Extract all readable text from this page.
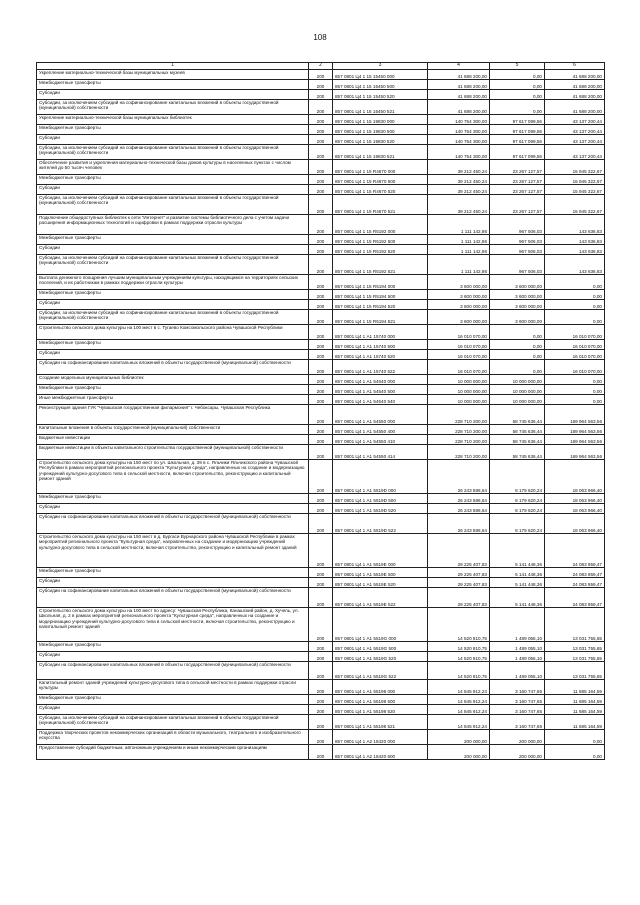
108
1	2	3	4	5	6
Укрепление материально-технической базы муниципальных музеев	200	857 0801 Ц4 1 15 15450 000	41 688 200,00	0,00	41 688 200,00
Межбюджетные трансферты	200	857 0801 Ц4 1 15 15450 500	41 688 200,00	0,00	41 688 200,00
Субсидии	200	857 0801 Ц4 1 15 15450 520	41 688 200,00	0,00	41 688 200,00
Субсидии, за исключением субсидий на софинансирование капитальных вложений в объекты государственной (муниципальной) собственности	200	857 0801 Ц4 1 15 15450 521	41 688 200,00	0,00	41 688 200,00
Укрепление материально-технической базы муниципальных библиотек	200	857 0801 Ц4 1 15 19830 000	140 754 300,00	97 617 099,56	43 137 200,44
Межбюджетные трансферты	200	857 0801 Ц4 1 15 19830 500	140 754 300,00	97 617 099,56	43 137 200,44
Субсидии	200	857 0801 Ц4 1 15 19830 520	140 754 300,00	97 617 099,56	43 137 200,44
Субсидии, за исключением субсидий на софинансирование капитальных вложений в объекты государственной (муниципальной) собственности	200	857 0801 Ц4 1 15 19830 521	140 754 300,00	97 617 099,56	43 137 200,44
Обеспечение развития и укрепления материально-технической базы домов культуры в населенных пунктах с числом жителей до 50 тысяч человек	200	857 0801 Ц4 1 15 R4670 000	39 212 450,24	23 267 127,57	15 945 322,67
Межбюджетные трансферты	200	857 0801 Ц4 1 15 R4670 500	39 212 450,24	23 267 127,57	15 945 322,67
Субсидии	200	857 0801 Ц4 1 15 R4670 520	39 212 450,24	23 267 127,57	15 945 322,67
Субсидии, за исключением субсидий на софинансирование капитальных вложений в объекты государственной (муниципальной) собственности	200	857 0801 Ц4 1 15 R4670 521	39 212 450,24	23 267 127,57	15 945 322,67
Подключение общедоступных библиотек к сети "Интернет" и развитие системы библиотечного дела с учетом задачи расширения информационных технологий и оцифровки в рамках поддержки отрасли культуры	200	857 0801 Ц4 1 15 R5192 000	1 111 142,86	967 506,03	143 636,83
Межбюджетные трансферты	200	857 0801 Ц4 1 15 R5192 500	1 111 142,86	967 506,03	143 636,83
Субсидии	200	857 0801 Ц4 1 15 R5192 520	1 111 142,86	967 506,03	143 636,83
Субсидии, за исключением субсидий на софинансирование капитальных вложений в объекты государственной (муниципальной) собственности	200	857 0801 Ц4 1 15 R5192 521	1 111 142,86	967 506,03	143 636,83
Выплата денежного поощрения лучшим муниципальным учреждениям культуры, находящимся на территориях сельских поселений, и их работникам в рамках поддержки отрасли культуры	200	857 0801 Ц4 1 15 R5194 000	3 600 000,00	3 600 000,00	0,00
Межбюджетные трансферты	200	857 0801 Ц4 1 15 R5194 500	3 600 000,00	3 600 000,00	0,00
Субсидии	200	857 0801 Ц4 1 15 R5194 520	3 600 000,00	3 600 000,00	0,00
Субсидии, за исключением субсидий на софинансирование капитальных вложений в объекты государственной (муниципальной) собственности	200	857 0801 Ц4 1 15 R5194 521	3 600 000,00	3 600 000,00	0,00
Строительство сельского дома культуры на 100 мест в с. Тугаево Комсомольского района Чувашской Республики	200	857 0801 Ц4 1 А1 15740 000	16 010 070,00	0,00	16 010 070,00
Межбюджетные трансферты	200	857 0801 Ц4 1 А1 15740 500	16 010 070,00	0,00	16 010 070,00
Субсидии	200	857 0801 Ц4 1 А1 15740 520	16 010 070,00	0,00	16 010 070,00
Субсидии на софинансирование капитальных вложений в объекты государственной (муниципальной) собственности	200	857 0801 Ц4 1 А1 15740 522	16 010 070,00	0,00	16 010 070,00
Создание модельных муниципальных библиотек	200	857 0801 Ц4 1 А1 54540 000	10 000 000,00	10 000 000,00	0,00
Межбюджетные трансферты	200	857 0801 Ц4 1 А1 54540 500	10 000 000,00	10 000 000,00	0,00
Иные межбюджетные трансферты	200	857 0801 Ц4 1 А1 54540 540	10 000 000,00	10 000 000,00	0,00
Реконструкция здания ГУК "Чувашская государственная филармония" г. Чебоксары, Чувашская Республика	200	857 0801 Ц4 1 А1 54550 000	228 710 200,00	58 745 636,44	169 964 563,56
Капитальные вложения в объекты государственной (муниципальной) собственности	200	857 0801 Ц4 1 А1 54550 400	228 710 200,00	58 745 636,44	169 964 563,56
Бюджетные инвестиции	200	857 0801 Ц4 1 А1 54550 410	228 710 200,00	58 745 636,44	169 964 563,56
Бюджетные инвестиции в объекты капитального строительства государственной (муниципальной) собственности	200	857 0801 Ц4 1 А1 54550 414	228 710 200,00	58 745 636,44	169 964 563,56
Строительство сельского дома культуры на 150 мест по ул. Школьная, д. 39 в с. Яльчики Яльчикского района Чувашской Республики в рамках мероприятий регионального проекта "Культурная среда", направленных на создание и модернизацию учреждений культурно-досугового типа в сельской местности, включая строительство, реконструкцию и капитальный ремонт зданий	200	857 0801 Ц4 1 А1 5519D 000	26 243 586,64	8 179 620,24	18 063 966,40
Межбюджетные трансферты	200	857 0801 Ц4 1 А1 5519D 500	26 243 586,64	8 179 620,24	18 063 966,40
Субсидии	200	857 0801 Ц4 1 А1 5519D 520	26 243 586,64	8 179 620,24	18 063 966,40
Субсидии на софинансирование капитальных вложений в объекты государственной (муниципальной) собственности	200	857 0801 Ц4 1 А1 5519D 522	26 243 586,64	8 179 620,24	18 063 966,40
Строительство сельского дома культуры на 150 мест в д. Бургаси Вурнарского района Чувашской Республики в рамках мероприятий регионального проекта "Культурная среда", направленных на создание и модернизацию учреждений культурно-досугового типа в сельской местности, включая строительство, реконструкцию и капитальный ремонт зданий	200	857 0801 Ц4 1 А1 5519E 000	29 225 407,83	5 141 448,36	24 083 959,47
Межбюджетные трансферты	200	857 0801 Ц4 1 А1 5519E 500	29 225 407,83	5 141 448,36	24 083 959,47
Субсидии	200	857 0801 Ц4 1 А1 5519E 520	29 225 407,83	5 141 448,36	24 083 959,47
Субсидии на софинансирование капитальных вложений в объекты государственной (муниципальной) собственности	200	857 0801 Ц4 1 А1 5519E 522	29 225 407,83	5 141 448,36	24 083 959,47
Строительство сельского дома культуры на 100 мест по адресу: Чувашская Республика, Канашский район, д. Хучель, ул. Школьная, д. 2 в рамках мероприятий регионального проекта "Культурная среда", направленных на создание и модернизацию учреждений культурно-досугового типа в сельской местности, включая строительство, реконструкцию и капитальный ремонт зданий	200	857 0801 Ц4 1 А1 5519G 000	14 520 810,75	1 489 055,10	13 031 755,65
Межбюджетные трансферты	200	857 0801 Ц4 1 А1 5519G 500	14 520 810,75	1 489 055,10	13 031 755,65
Субсидии	200	857 0801 Ц4 1 А1 5519G 520	14 520 810,75	1 489 055,10	13 031 755,65
Субсидии на софинансирование капитальных вложений в объекты государственной (муниципальной) собственности	200	857 0801 Ц4 1 А1 5519G 522	14 520 810,75	1 489 055,10	13 031 755,65
Капитальный ремонт зданий учреждений культурно-досугового типа в сельской местности в рамках поддержки отрасли культуры	200	857 0801 Ц4 1 А1 55198 000	14 845 912,24	3 160 747,65	11 685 164,59
Межбюджетные трансферты	200	857 0801 Ц4 1 А1 55198 500	14 845 912,24	3 160 747,65	11 685 164,59
Субсидии	200	857 0801 Ц4 1 А1 55198 520	14 845 912,24	3 160 747,65	11 685 164,59
Субсидии, за исключением субсидий на софинансирование капитальных вложений в объекты государственной (муниципальной) собственности	200	857 0801 Ц4 1 А1 55198 521	14 845 912,24	3 160 747,65	11 685 164,59
Поддержка творческих проектов некоммерческих организаций в области музыкального, театрального и изобразительного искусства	200	857 0801 Ц4 1 А2 18420 000	200 000,00	200 000,00	0,00
Предоставление субсидий бюджетным, автономным учреждениям и иным некоммерческим организациям	200	857 0801 Ц4 1 А2 18420 600	200 000,00	200 000,00	0,00
